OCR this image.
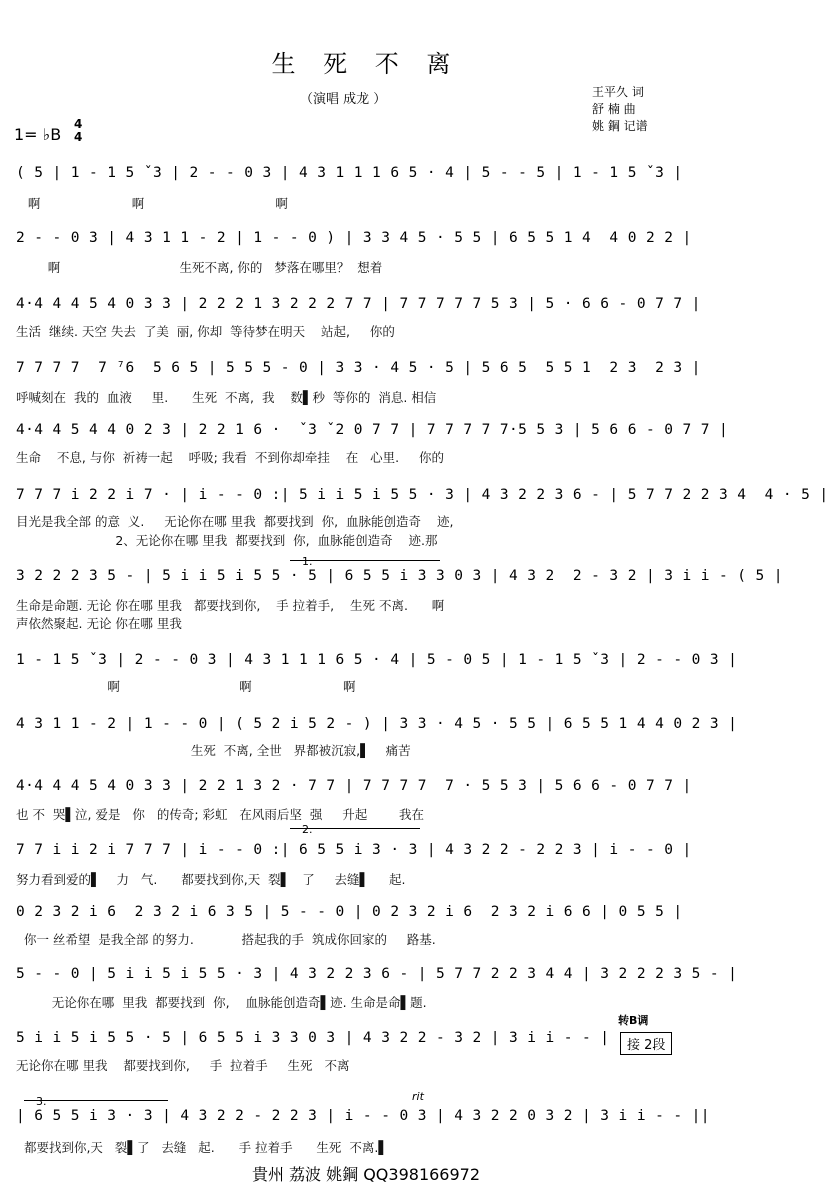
生 死 不 离
（演唱 成龙 ）	王平久 词
舒 楠 曲
姚 鋼 记谱
1= ♭B
4
4
( 5 | 1 - 1 5 ˇ3 | 2 - - 0 3 | 4 3 1 1 1 6 5 · 4 | 5 - - 5 | 1 - 1 5 ˇ3 |
啊                       啊                                 啊
2 - - 0 3 | 4 3 1 1 - 2 | 1 - - 0 ) | 3 3 4 5 · 5 5 | 6 5 5 1 4  4 0 2 2 |
啊                              生死不离, 你的   梦落在哪里？  想着
4·4 4 4 5 4 0 3 3 | 2 2 2 1 3 2 2 2 7 7 | 7 7 7 7 7 5 3 | 5 · 6 6 - 0 7 7 |
生活  继续. 天空 失去  了美  丽, 你却  等待梦在明天    站起,     你的
7 7 7 7  7 ⁷6  5 6 5 | 5 5 5 - 0 | 3 3 · 4 5 · 5 | 5 6 5  5 5 1  2 3  2 3 |
呼喊刻在  我的  血液     里.      生死  不离,  我    数▌秒  等你的  消息. 相信
4·4 4 5 4 4 0 2 3 | 2 2 1 6 ·  ˇ3 ˇ2 0 7 7 | 7 7 7 7 7·5 5 3 | 5 6 6 - 0 7 7 |
生命    不息, 与你  祈祷一起    呼吸; 我看  不到你却牵挂    在   心里.     你的
7 7 7 i 2 2 i 7 · | i - - 0 :| 5 i i 5 i 5 5 · 3 | 4 3 2 2 3 6 - | 5 7 7 2 2 3 4  4 · 5 |
目光是我全部 的意  义.     无论你在哪 里我  都要找到  你,  血脉能创造奇    迹,
2、无论你在哪 里我  都要找到  你,  血脉能创造奇    迹.那
1.
3 2 2 2 3 5 - | 5 i i 5 i 5 5 · 5 | 6 5 5 i 3 3 0 3 | 4 3 2  2 - 3 2 | 3 i i - ( 5 |
生命是命题. 无论 你在哪 里我   都要找到你,    手 拉着手,    生死 不离.      啊
声依然聚起. 无论 你在哪 里我
1 - 1 5 ˇ3 | 2 - - 0 3 | 4 3 1 1 1 6 5 · 4 | 5 - 0 5 | 1 - 1 5 ˇ3 | 2 - - 0 3 |
啊                              啊                       啊
4 3 1 1 - 2 | 1 - - 0 | ( 5 2 i 5 2 - ) | 3 3 · 4 5 · 5 5 | 6 5 5 1 4 4 0 2 3 |
生死  不离, 全世   界都被沉寂,▌    痛苦
4·4 4 4 5 4 0 3 3 | 2 2 1 3 2 · 7 7 | 7 7 7 7  7 · 5 5 3 | 5 6 6 - 0 7 7 |
也 不  哭▌泣, 爱是   你   的传奇; 彩虹   在风雨后坚  强     升起        我在
2.
7 7 i i 2 i 7 7 7 | i - - 0 :| 6 5 5 i 3 · 3 | 4 3 2 2 - 2 2 3 | i - - 0 |
努力看到爱的▌    力   气.      都要找到你,天  裂▌   了     去缝▌     起.
0 2 3 2 i 6  2 3 2 i 6 3 5 | 5 - - 0 | 0 2 3 2 i 6  2 3 2 i 6 6 | 0 5 5 |
你一 丝希望  是我全部 的努力.            搭起我的手  筑成你回家的     路基.
5 - - 0 | 5 i i 5 i 5 5 · 3 | 4 3 2 2 3 6 - | 5 7 7 2 2 3 4 4 | 3 2 2 2 3 5 - |
无论你在哪  里我  都要找到  你,    血脉能创造奇▌迹. 生命是命▌题.
转B调
5 i i 5 i 5 5 · 5 | 6 5 5 i 3 3 0 3 | 4 3 2 2 - 3 2 | 3 i i - - |	接 2段
无论你在哪 里我    都要找到你,     手  拉着手     生死   不离
3.	rit
| 6 5 5 i 3 · 3 | 4 3 2 2 - 2 2 3 | i - - 0 3 | 4 3 2 2 0 3 2 | 3 i i - - ||
都要找到你,天   裂▌了   去缝   起.      手 拉着手      生死  不离.▌
貴州 荔波 姚鋼 QQ398166972
